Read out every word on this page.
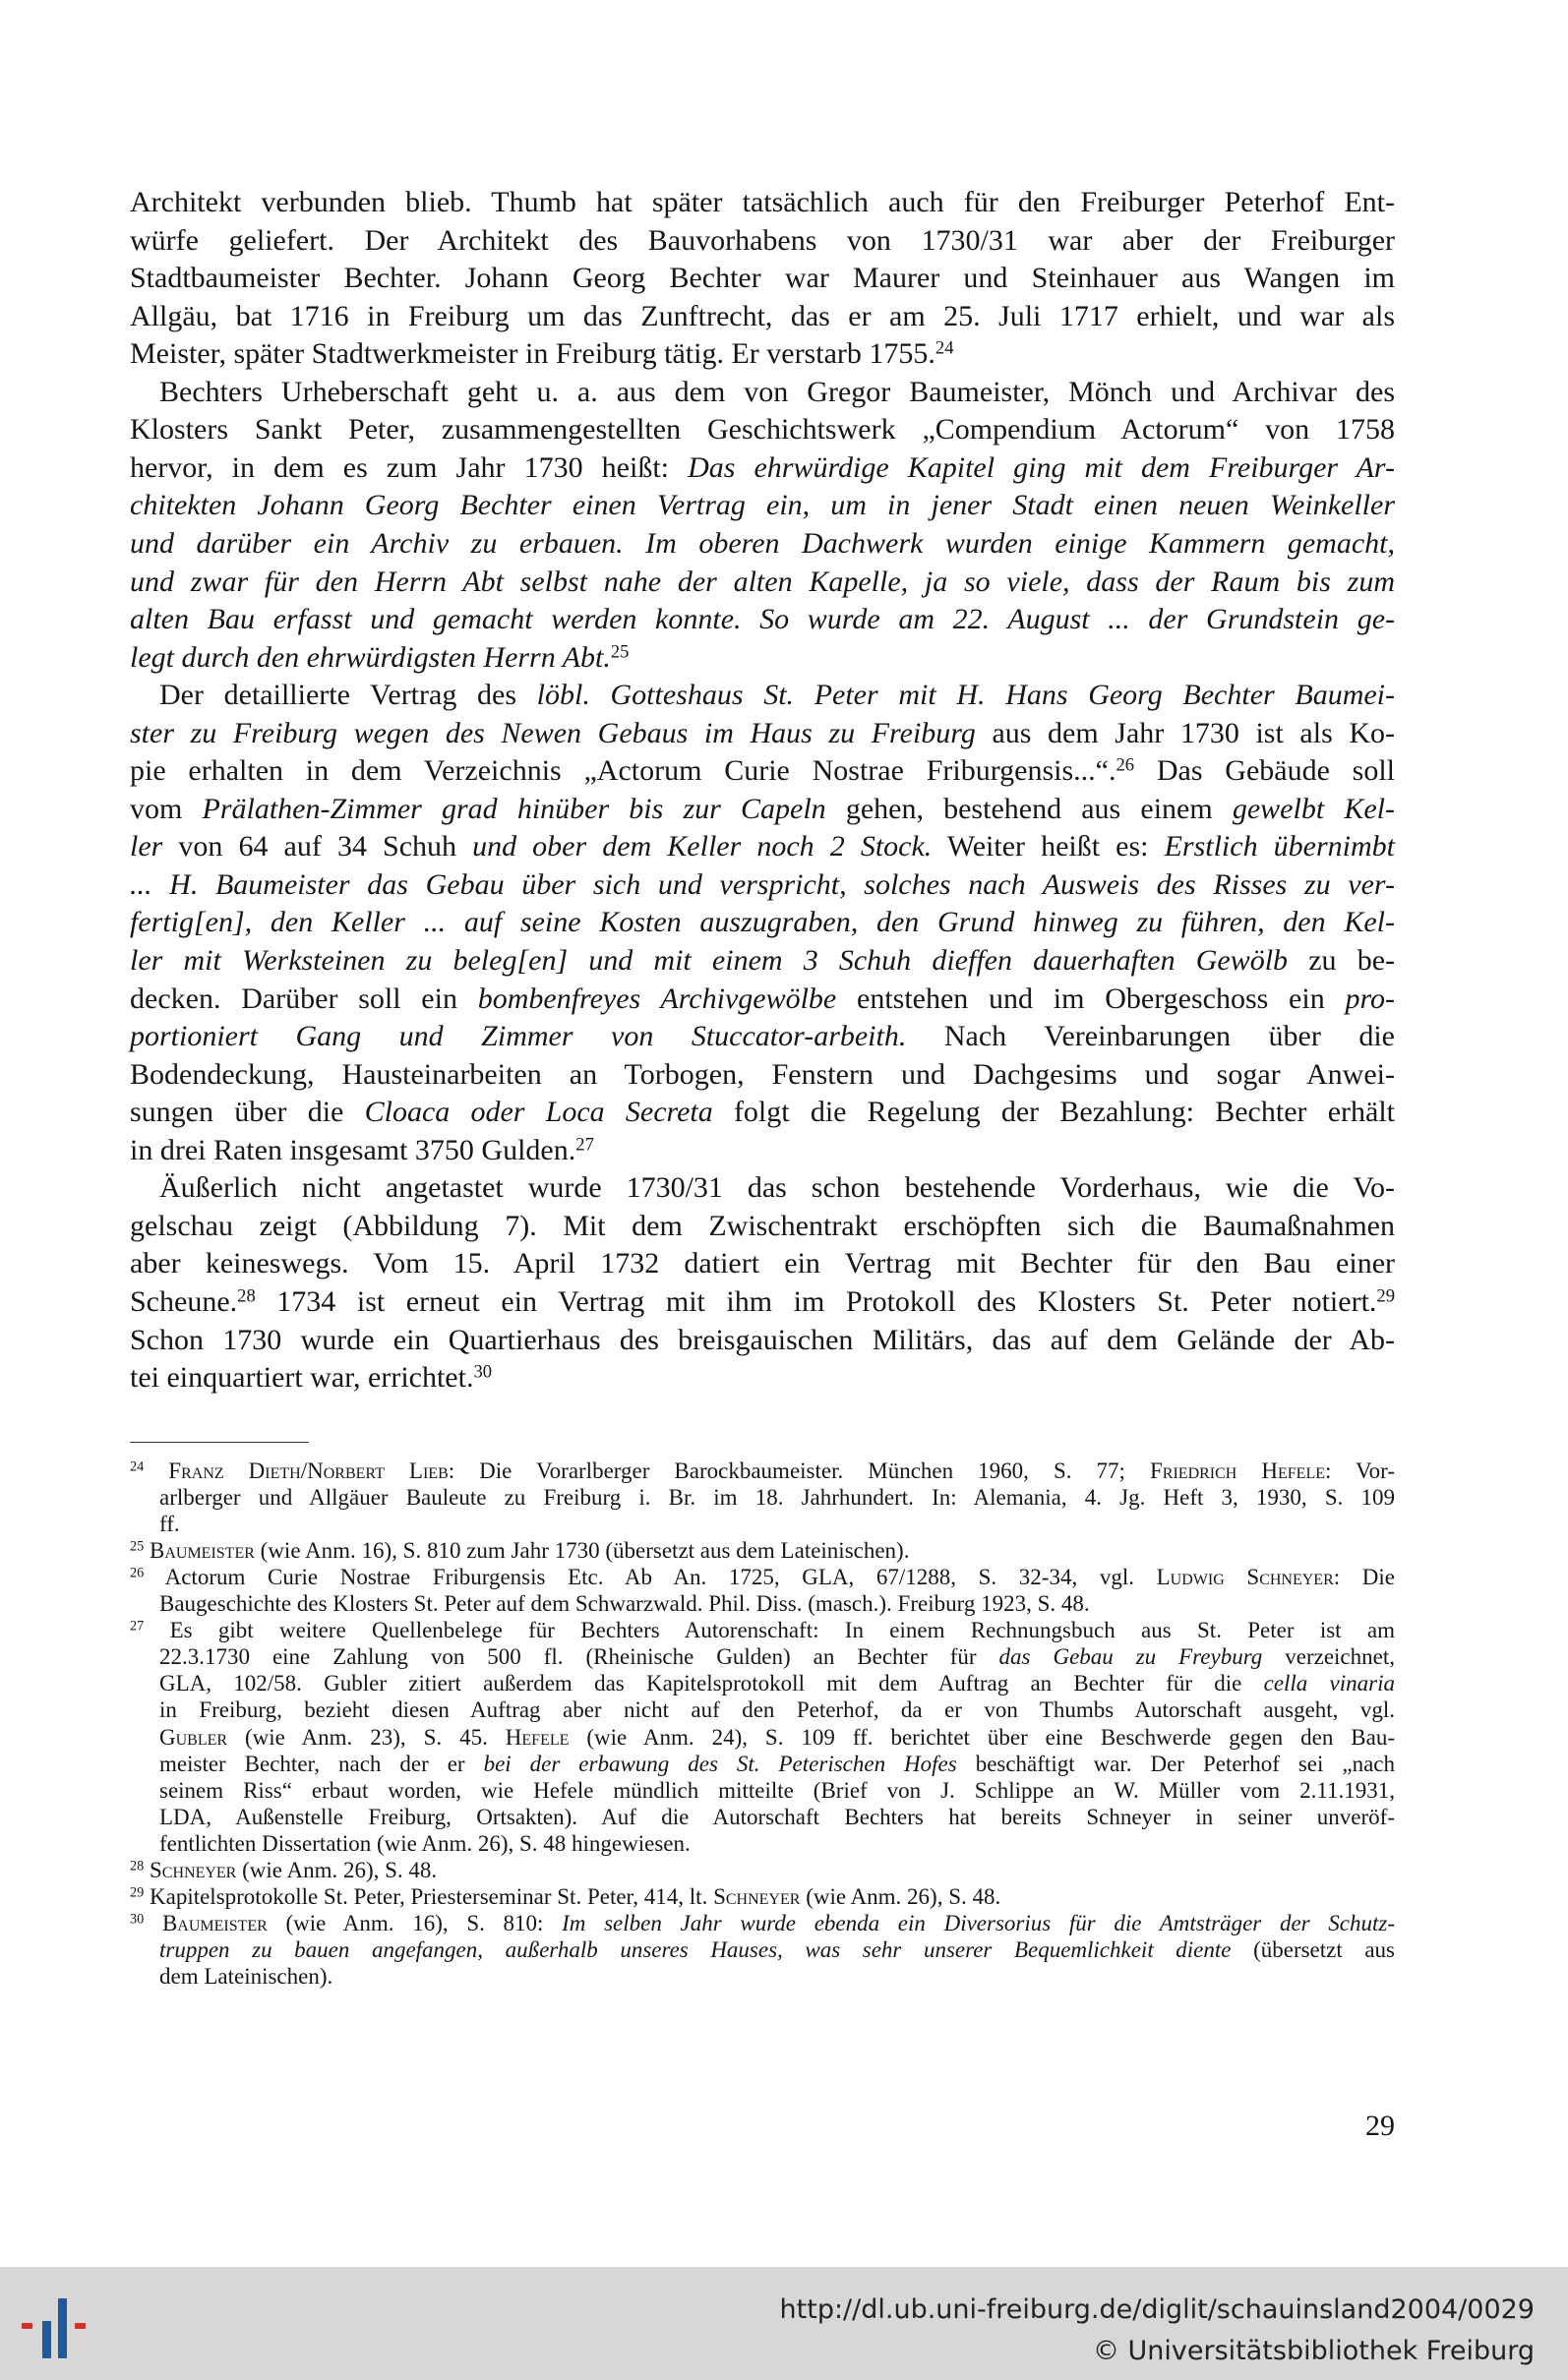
Architekt verbunden blieb. Thumb hat später tatsächlich auch für den Freiburger Peterhof Ent-
würfe geliefert. Der Architekt des Bauvorhabens von 1730/31 war aber der Freiburger
Stadtbaumeister Bechter. Johann Georg Bechter war Maurer und Steinhauer aus Wangen im
Allgäu, bat 1716 in Freiburg um das Zunftrecht, das er am 25. Juli 1717 erhielt, und war als
Meister, später Stadtwerkmeister in Freiburg tätig. Er verstarb 1755.24
Bechters Urheberschaft geht u. a. aus dem von Gregor Baumeister, Mönch und Archivar des
Klosters Sankt Peter, zusammengestellten Geschichtswerk „Compendium Actorum“ von 1758
hervor, in dem es zum Jahr 1730 heißt: Das ehrwürdige Kapitel ging mit dem Freiburger Ar-
chitekten Johann Georg Bechter einen Vertrag ein, um in jener Stadt einen neuen Weinkeller
und darüber ein Archiv zu erbauen. Im oberen Dachwerk wurden einige Kammern gemacht,
und zwar für den Herrn Abt selbst nahe der alten Kapelle, ja so viele, dass der Raum bis zum
alten Bau erfasst und gemacht werden konnte. So wurde am 22. August ... der Grundstein ge-
legt durch den ehrwürdigsten Herrn Abt.$^{25}$
Der detaillierte Vertrag des löbl. Gotteshaus St. Peter mit H. Hans Georg Bechter Baumei-
ster zu Freiburg wegen des Newen Gebaus im Haus zu Freiburg aus dem Jahr 1730 ist als Ko-
pie erhalten in dem Verzeichnis „Actorum Curie Nostrae Friburgensis...“.$^{26}$ Das Gebäude soll
vom Prälathen-Zimmer grad hinüber bis zur Capeln gehen, bestehend aus einem gewelbt Kel-
ler von 64 auf 34 Schuh und ober dem Keller noch 2 Stock. Weiter heißt es: Erstlich übernimbt
... H. Baumeister das Gebau über sich und verspricht, solches nach Ausweis des Risses zu ver-
fertig[en], den Keller ... auf seine Kosten auszugraben, den Grund hinweg zu führen, den Kel-
ler mit Werksteinen zu beleg[en] und mit einem 3 Schuh dieffen dauerhaften Gewölb zu be-
decken. Darüber soll ein bombenfreyes Archivgewölbe entstehen und im Obergeschoss ein pro-
portioniert Gang und Zimmer von Stuccator-arbeith. Nach Vereinbarungen über die
Bodendeckung, Hausteinarbeiten an Torbogen, Fenstern und Dachgesims und sogar Anwei-
sungen über die Cloaca oder Loca Secreta folgt die Regelung der Bezahlung: Bechter erhält
in drei Raten insgesamt 3750 Gulden.$^{27}$
Äußerlich nicht angetastet wurde 1730/31 das schon bestehende Vorderhaus, wie die Vo-
gelschau zeigt (Abbildung 7). Mit dem Zwischentrakt erschöpften sich die Baumaßnahmen
aber keineswegs. Vom 15. April 1732 datiert ein Vertrag mit Bechter für den Bau einer
Scheune.$^{28}$ 1734 ist erneut ein Vertrag mit ihm im Protokoll des Klosters St. Peter notiert.$^{29}$
Schon 1730 wurde ein Quartierhaus des breisgauischen Militärs, das auf dem Gelände der Ab-
tei einquartiert war, errichtet.$^{30}$
$^{24}$ Franz Dieth/Norbert Lieb: Die Vorarlberger Barockbaumeister. München 1960, S. 77; Friedrich Hefele: Vor-
arlberger und Allgäuer Bauleute zu Freiburg i. Br. im 18. Jahrhundert. In: Alemania, 4. Jg. Heft 3, 1930, S. 109
ff.
$^{25}$ Baumeister (wie Anm. 16), S. 810 zum Jahr 1730 (übersetzt aus dem Lateinischen).
$^{26}$ Actorum Curie Nostrae Friburgensis Etc. Ab An. 1725, GLA, 67/1288, S. 32-34, vgl. Ludwig Schneyer: Die
Baugeschichte des Klosters St. Peter auf dem Schwarzwald. Phil. Diss. (masch.). Freiburg 1923, S. 48.
$^{27}$ Es gibt weitere Quellenbelege für Bechters Autorenschaft: In einem Rechnungsbuch aus St. Peter ist am
22.3.1730 eine Zahlung von 500 fl. (Rheinische Gulden) an Bechter für das Gebau zu Freyburg verzeichnet,
GLA, 102/58. Gubler zitiert außerdem das Kapitelsprotokoll mit dem Auftrag an Bechter für die cella vinaria
in Freiburg, bezieht diesen Auftrag aber nicht auf den Peterhof, da er von Thumbs Autorschaft ausgeht, vgl.
Gubler (wie Anm. 23), S. 45. Hefele (wie Anm. 24), S. 109 ff. berichtet über eine Beschwerde gegen den Bau-
meister Bechter, nach der er bei der erbawung des St. Peterischen Hofes beschäftigt war. Der Peterhof sei „nach
seinem Riss“ erbaut worden, wie Hefele mündlich mitteilte (Brief von J. Schlippe an W. Müller vom 2.11.1931,
LDA, Außenstelle Freiburg, Ortsakten). Auf die Autorschaft Bechters hat bereits Schneyer in seiner unveröf-
fentlichten Dissertation (wie Anm. 26), S. 48 hingewiesen.
$^{28}$ Schneyer (wie Anm. 26), S. 48.
$^{29}$ Kapitelsprotokolle St. Peter, Priesterseminar St. Peter, 414, lt. Schneyer (wie Anm. 26), S. 48.
$^{30}$ Baumeister (wie Anm. 16), S. 810: Im selben Jahr wurde ebenda ein Diversorius für die Amtsträger der Schutz-
truppen zu bauen angefangen, außerhalb unseres Hauses, was sehr unserer Bequemlichkeit diente (übersetzt aus
dem Lateinischen).
29
http://dl.ub.uni-freiburg.de/diglit/schauinsland2004/0029
© Universitätsbibliothek Freiburg
